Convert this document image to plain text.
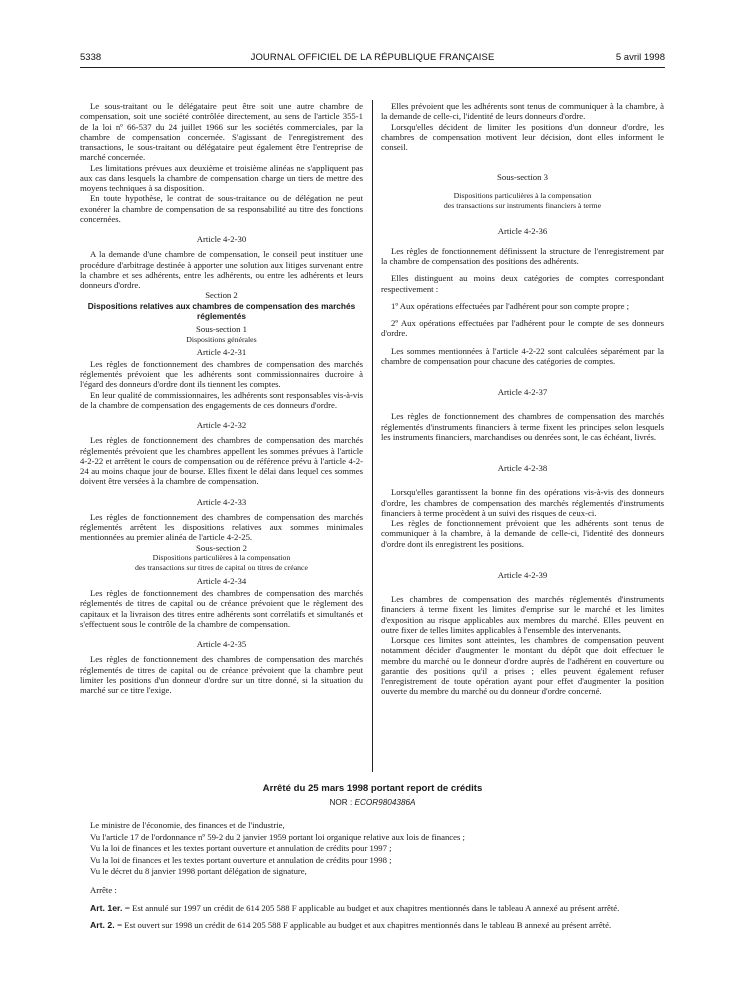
5338	JOURNAL OFFICIEL DE LA RÉPUBLIQUE FRANÇAISE	5 avril 1998

Le sous-traitant ou le délégataire peut être soit une autre chambre de compensation, soit une société contrôlée directement, au sens de l'article 355-1 de la loi nº 66-537 du 24 juillet 1966 sur les sociétés commerciales, par la chambre de compensation concernée. S'agissant de l'enregistrement des transactions, le sous-traitant ou délégataire peut également être l'entreprise de marché concernée.

Les limitations prévues aux deuxième et troisième alinéas ne s'appliquent pas aux cas dans lesquels la chambre de compensation charge un tiers de mettre des moyens techniques à sa disposition.

En toute hypothèse, le contrat de sous-traitance ou de délégation ne peut exonérer la chambre de compensation de sa responsabilité au titre des fonctions concernées.

Article 4-2-30

A la demande d'une chambre de compensation, le conseil peut instituer une procédure d'arbitrage destinée à apporter une solution aux litiges survenant entre la chambre et ses adhérents, entre les adhérents, ou entre les adhérents et leurs donneurs d'ordre.

Section 2

Dispositions relatives aux chambres de compensation des marchés réglementés

Sous-section 1

Dispositions générales

Article 4-2-31

Les règles de fonctionnement des chambres de compensation des marchés réglementés prévoient que les adhérents sont commissionnaires ducroire à l'égard des donneurs d'ordre dont ils tiennent les comptes.

En leur qualité de commissionnaires, les adhérents sont responsables vis-à-vis de la chambre de compensation des engagements de ces donneurs d'ordre.

Article 4-2-32

Les règles de fonctionnement des chambres de compensation des marchés réglementés prévoient que les chambres appellent les sommes prévues à l'article 4-2-22 et arrêtent le cours de compensation ou de référence prévu à l'article 4-2-24 au moins chaque jour de bourse. Elles fixent le délai dans lequel ces sommes doivent être versées à la chambre de compensation.

Article 4-2-33

Les règles de fonctionnement des chambres de compensation des marchés réglementés arrêtent les dispositions relatives aux sommes minimales mentionnées au premier alinéa de l'article 4-2-25.

Sous-section 2

Dispositions particulières à la compensation

des transactions sur titres de capital ou titres de créance

Article 4-2-34

Les règles de fonctionnement des chambres de compensation des marchés réglementés de titres de capital ou de créance prévoient que le règlement des capitaux et la livraison des titres entre adhérents sont corrélatifs et simultanés et s'effectuent sous le contrôle de la chambre de compensation.

Article 4-2-35

Les règles de fonctionnement des chambres de compensation des marchés réglementés de titres de capital ou de créance prévoient que la chambre peut limiter les positions d'un donneur d'ordre sur un titre donné, si la situation du marché sur ce titre l'exige.

Elles prévoient que les adhérents sont tenus de communiquer à la chambre, à la demande de celle-ci, l'identité de leurs donneurs d'ordre.

Lorsqu'elles décident de limiter les positions d'un donneur d'ordre, les chambres de compensation motivent leur décision, dont elles informent le conseil.

Sous-section 3

Dispositions particulières à la compensation

des transactions sur instruments financiers à terme

Article 4-2-36

Les règles de fonctionnement définissent la structure de l'enregistrement par la chambre de compensation des positions des adhérents.

Elles distinguent au moins deux catégories de comptes correspondant respectivement :

1º Aux opérations effectuées par l'adhérent pour son compte propre ;

2º Aux opérations effectuées par l'adhérent pour le compte de ses donneurs d'ordre.

Les sommes mentionnées à l'article 4-2-22 sont calculées séparément par la chambre de compensation pour chacune des catégories de comptes.

Article 4-2-37

Les règles de fonctionnement des chambres de compensation des marchés réglementés d'instruments financiers à terme fixent les principes selon lesquels les instruments financiers, marchandises ou denrées sont, le cas échéant, livrés.

Article 4-2-38

Lorsqu'elles garantissent la bonne fin des opérations vis-à-vis des donneurs d'ordre, les chambres de compensation des marchés réglementés d'instruments financiers à terme procèdent à un suivi des risques de ceux-ci.

Les règles de fonctionnement prévoient que les adhérents sont tenus de communiquer à la chambre, à la demande de celle-ci, l'identité des donneurs d'ordre dont ils enregistrent les positions.

Article 4-2-39

Les chambres de compensation des marchés réglementés d'instruments financiers à terme fixent les limites d'emprise sur le marché et les limites d'exposition au risque applicables aux membres du marché. Elles peuvent en outre fixer de telles limites applicables à l'ensemble des intervenants.

Lorsque ces limites sont atteintes, les chambres de compensation peuvent notamment décider d'augmenter le montant du dépôt que doit effectuer le membre du marché ou le donneur d'ordre auprès de l'adhérent en couverture ou garantie des positions qu'il a prises ; elles peuvent également refuser l'enregistrement de toute opération ayant pour effet d'augmenter la position ouverte du membre du marché ou du donneur d'ordre concerné.

Arrêté du 25 mars 1998 portant report de crédits

NOR : ECOR9804386A

Le ministre de l'économie, des finances et de l'industrie,

Vu l'article 17 de l'ordonnance nº 59-2 du 2 janvier 1959 portant loi organique relative aux lois de finances ;

Vu la loi de finances et les textes portant ouverture et annulation de crédits pour 1997 ;

Vu la loi de finances et les textes portant ouverture et annulation de crédits pour 1998 ;

Vu le décret du 8 janvier 1998 portant délégation de signature,

Arrête :

Art. 1er. − Est annulé sur 1997 un crédit de 614 205 588 F applicable au budget et aux chapitres mentionnés dans le tableau A annexé au présent arrêté.

Art. 2. − Est ouvert sur 1998 un crédit de 614 205 588 F applicable au budget et aux chapitres mentionnés dans le tableau B annexé au présent arrêté.
